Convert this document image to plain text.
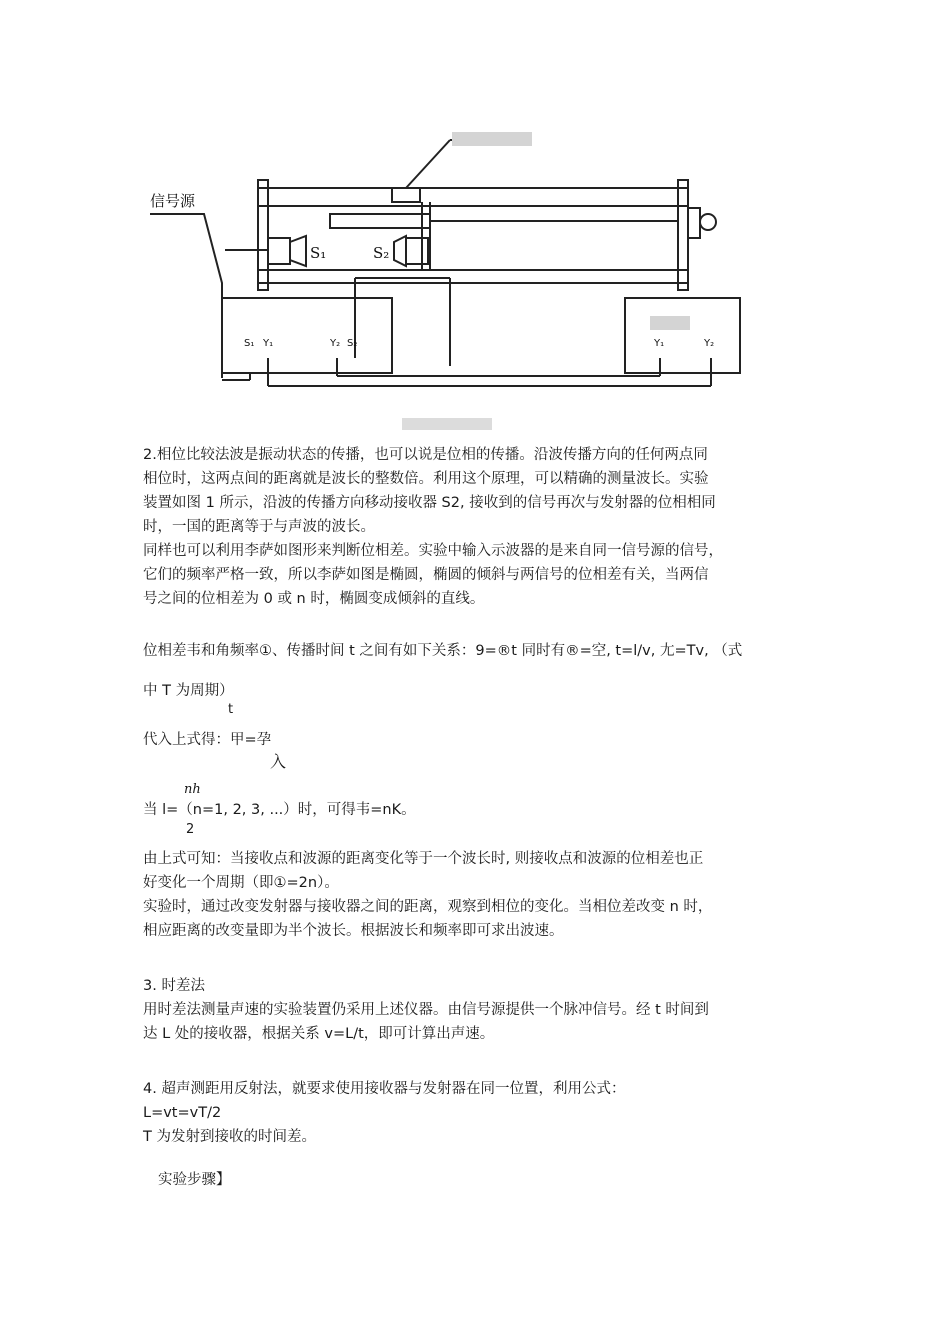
信号源
S₁	S₂
S₁ Y₁	Y₂ S₂	Y₁	Y₂
2.相位比较法波是振动状态的传播，也可以说是位相的传播。沿波传播方向的任何两点同
相位时，这两点间的距离就是波长的整数倍。利用这个原理，可以精确的测量波长。实验
装置如图 1 所示，沿波的传播方向移动接收器 S2, 接收到的信号再次与发射器的位相相同
时，一国的距离等于与声波的波长。
同样也可以利用李萨如图形来判断位相差。实验中输入示波器的是来自同一信号源的信号，
它们的频率严格一致，所以李萨如图是椭圆，椭圆的倾斜与两信号的位相差有关，当两信
号之间的位相差为 0 或 n 时，椭圆变成倾斜的直线。
位相差韦和角频率①、传播时间 t 之间有如下关系：9=®t 同时有®=空, t=l/v, 尢=Tv, （式
中 T 为周期）
t
代入上式得：甲=孕
入
nh
当 l=（n=1, 2, 3, ...）时，可得韦=nK。
2
由上式可知：当接收点和波源的距离变化等于一个波长时, 则接收点和波源的位相差也正
好变化一个周期（即①=2n）。
实验时，通过改变发射器与接收器之间的距离，观察到相位的变化。当相位差改变 n 时，
相应距离的改变量即为半个波长。根据波长和频率即可求出波速。
3. 时差法
用时差法测量声速的实验装置仍采用上述仪器。由信号源提供一个脉冲信号。经 t 时间到
达 L 处的接收器，根据关系 v=L/t，即可计算出声速。
4. 超声测距用反射法，就要求使用接收器与发射器在同一位置，利用公式：
L=vt=vT/2
T 为发射到接收的时间差。
实验步骤】
